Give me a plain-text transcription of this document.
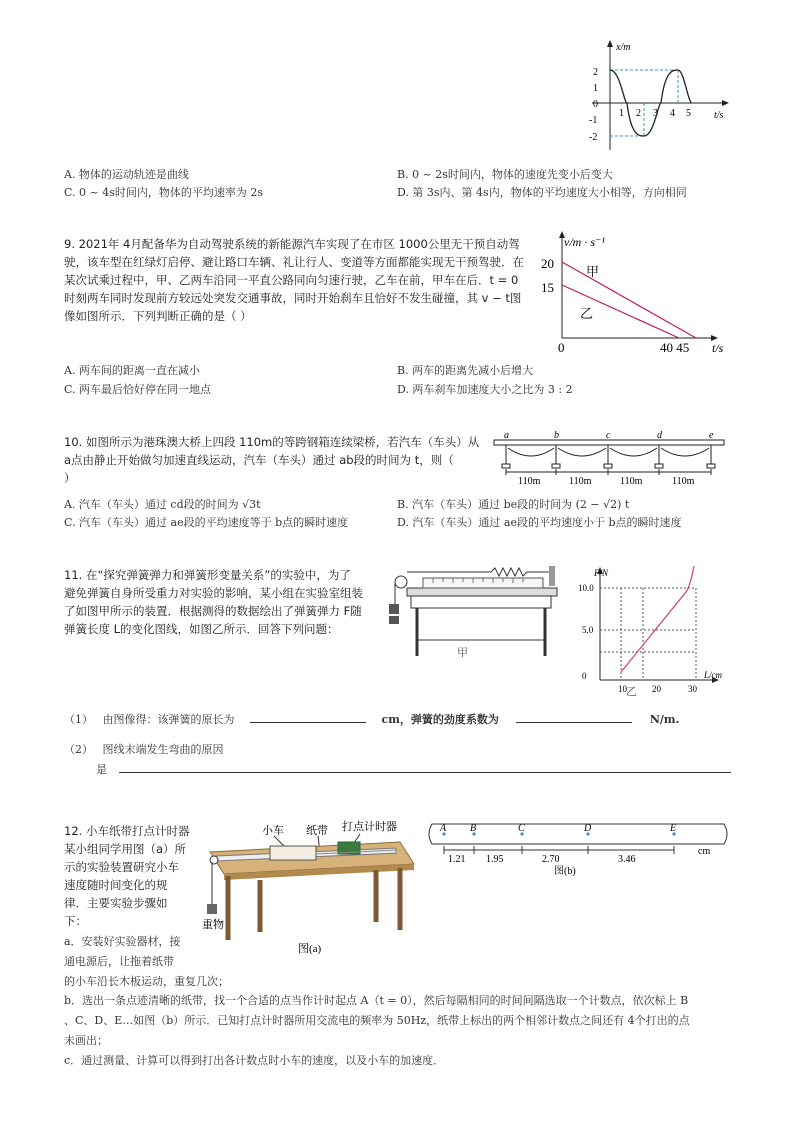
x/m
t/s
2
1
0
-1
-2
1 2 3 4 5
A. 物体的运动轨迹是曲线	B. 0 ~ 2s时间内，物体的速度先变小后变大
C. 0 ~ 4s时间内，物体的平均速率为 2s	D. 第 3s内、第 4s内，物体的平均速度大小相等，方向相同

9. 2021年 4月配备华为自动驾驶系统的新能源汽车实现了在市区 1000公里无干预自动驾

驶，该车型在红绿灯启停、避让路口车辆、礼让行人、变道等方面都能实现无干预驾驶．在

某次试乘过程中，甲、乙两车沿同一平直公路同向匀速行驶，乙车在前，甲车在后．t = 0

时刻两车同时发现前方较远处突发交通事故，同时开始刹车且恰好不发生碰撞，其 v − t图

像如图所示．下列判断正确的是（ ）

v/m · s⁻¹
t/s
20
15
0	40 45
甲
乙
A. 两车间的距离一直在减小	B. 两车的距离先减小后增大
C. 两车最后恰好停在同一地点	D. 两车刹车加速度大小之比为 3 : 2

10. 如图所示为港珠澳大桥上四段 110m的等跨钢箱连续梁桥，若汽车（车头）从

a点由静止开始做匀加速直线运动，汽车（车头）通过 ab段的时间为 t，则（

）

a	b	c	d	e
110m	110m	110m	110m
A. 汽车（车头）通过 cd段的时间为 √3t	B. 汽车（车头）通过 be段的时间为 (2 − √2) t
C. 汽车（车头）通过 ae段的平均速度等于 b点的瞬时速度	D. 汽车（车头）通过 ae段的平均速度小于 b点的瞬时速度

11. 在“探究弹簧弹力和弹簧形变量关系”的实验中，为了

避免弹簧自身所受重力对实验的影响，某小组在实验室组装

了如图甲所示的装置．根据测得的数据绘出了弹簧弹力 F随

弹簧长度 L的变化图线，如图乙所示．回答下列问题：

甲
F/N
L/cm
10.0
5.0
0
10	20	30
乙
（1） 由图像得：该弹簧的原长为	cm，弹簧的劲度系数为	N/m.
（2） 图线末端发生弯曲的原因
是

12. 小车纸带打点计时器

某小组同学用图（a）所

示的实验装置研究小车

速度随时间变化的规

律．主要实验步骤如

下：

小车 纸带 打点计时器
重物
图(a)
A B	C	D	E
cm
1.21 1.95	2.70	3.46
图(b)
a．安装好实验器材，接
通电源后，让拖着纸带
的小车沿长木板运动，重复几次；
b．选出一条点迹清晰的纸带，找一个合适的点当作计时起点 A（t = 0），然后每隔相同的时间间隔选取一个计数点，依次标上 B
、C、D、E…如图（b）所示．已知打点计时器所用交流电的频率为 50Hz，纸带上标出的两个相邻计数点之间还有 4个打出的点
未画出；
c．通过测量、计算可以得到打出各计数点时小车的速度，以及小车的加速度．
